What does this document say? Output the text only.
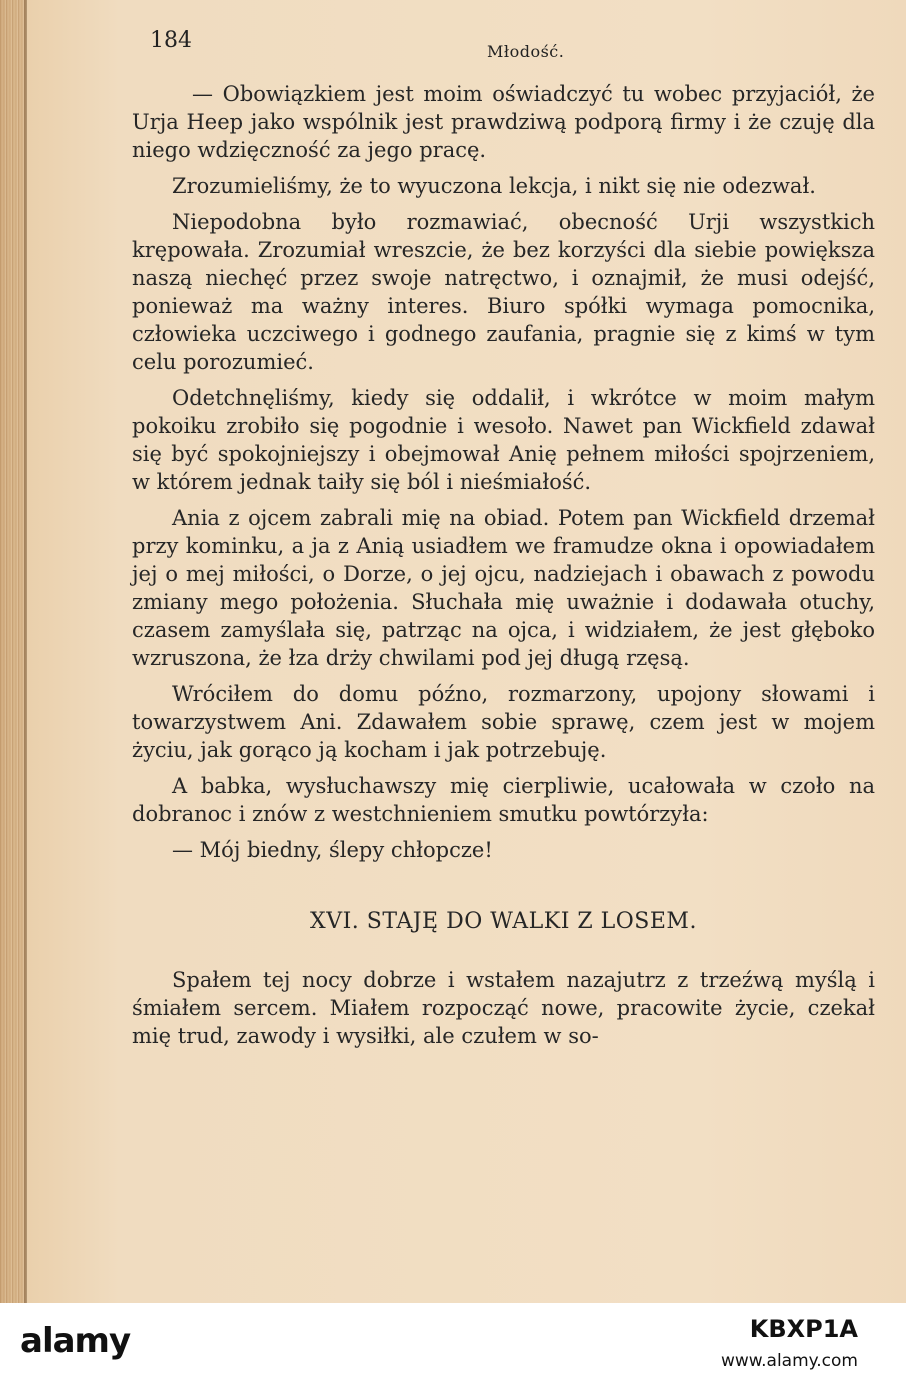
184	Młodość.

— Obowiązkiem jest moim oświadczyć tu wobec przyjaciół, że Urja Heep jako wspólnik jest prawdziwą podporą firmy i że czuję dla niego wdzięczność za jego pracę.

Zrozumieliśmy, że to wyuczona lekcja, i nikt się nie odezwał.

Niepodobna było rozmawiać, obecność Urji wszystkich krępowała. Zrozumiał wreszcie, że bez korzyści dla siebie powiększa naszą niechęć przez swoje natręctwo, i oznajmił, że musi odejść, ponieważ ma ważny interes. Biuro spółki wymaga pomocnika, człowieka uczciwego i godnego zaufania, pragnie się z kimś w tym celu porozumieć.

Odetchnęliśmy, kiedy się oddalił, i wkrótce w moim małym pokoiku zrobiło się pogodnie i wesoło. Nawet pan Wickfield zdawał się być spokojniejszy i obejmował Anię pełnem miłości spojrzeniem, w którem jednak taiły się ból i nieśmiałość.

Ania z ojcem zabrali mię na obiad. Potem pan Wickfield drzemał przy kominku, a ja z Anią usiadłem we framudze okna i opowiadałem jej o mej miłości, o Dorze, o jej ojcu, nadziejach i obawach z powodu zmiany mego położenia. Słuchała mię uważnie i dodawała otuchy, czasem zamyślała się, patrząc na ojca, i widziałem, że jest głęboko wzruszona, że łza drży chwilami pod jej długą rzęsą.

Wróciłem do domu późno, rozmarzony, upojony słowami i towarzystwem Ani. Zdawałem sobie sprawę, czem jest w mojem życiu, jak gorąco ją kocham i jak potrzebuję.

A babka, wysłuchawszy mię cierpliwie, ucałowała w czoło na dobranoc i znów z westchnieniem smutku powtórzyła:

— Mój biedny, ślepy chłopcze!

XVI. STAJĘ DO WALKI Z LOSEM.

Spałem tej nocy dobrze i wstałem nazajutrz z trzeźwą myślą i śmiałem sercem. Miałem rozpocząć nowe, pracowite życie, czekał mię trud, zawody i wysiłki, ale czułem w so-

alamy	KBXP1A
www.alamy.com
